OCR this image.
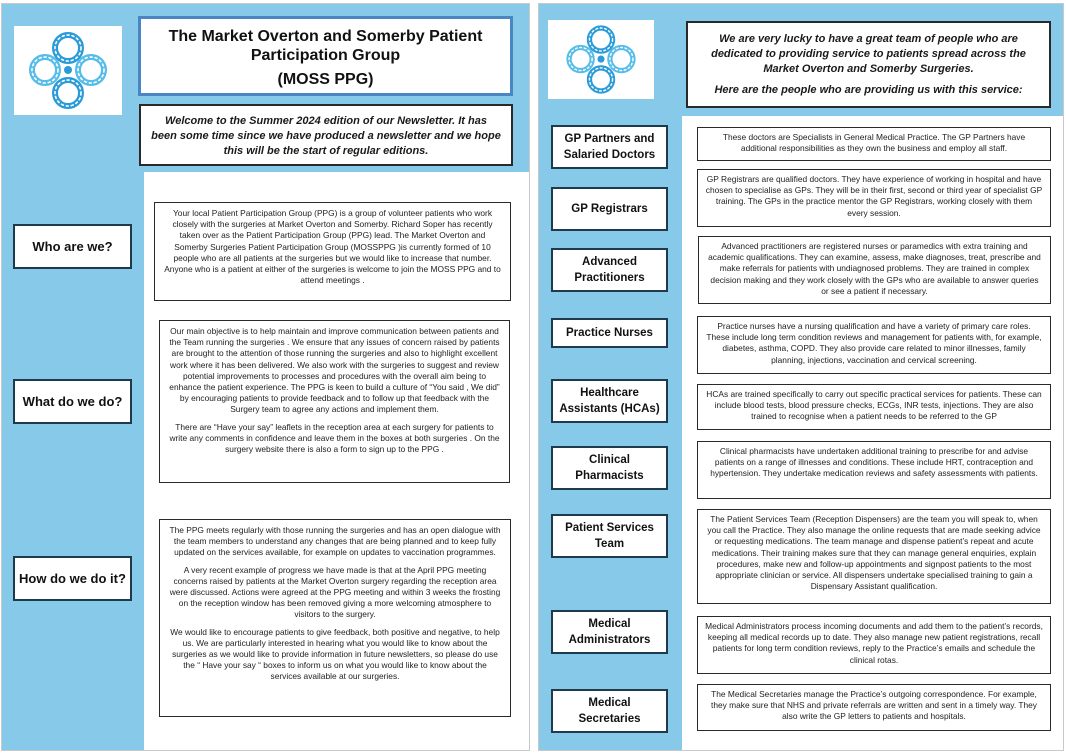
The Market Overton and Somerby Patient Participation Group
(MOSS PPG)
Welcome to the Summer 2024 edition of our Newsletter. It has been some time since we have produced a newsletter and we hope this will be the start of regular editions.
Who are we?
What do we do?
How do we do it?

Your local Patient Participation Group (PPG) is a group of volunteer patients who work closely with the surgeries at Market Overton and Somerby. Richard Soper has recently taken over as the Patient Participation Group (PPG) lead. The Market Overton and Somerby Surgeries Patient Participation Group (MOSSPPG )is currently formed of 10 people who are all patients at the surgeries but we would like to increase that number. Anyone who is a patient at either of the surgeries is welcome to join the MOSS PPG and to attend meetings .

Our main objective is to help maintain and improve communication between patients and the Team running the surgeries . We ensure that any issues of concern raised by patients are brought to the attention of those running the surgeries and also to highlight excellent work where it has been delivered. We also work with the surgeries to suggest and review potential improvements to processes and procedures with the overall aim being to enhance the patient experience. The PPG is keen to build a culture of “You said , We did” by encouraging patients to provide feedback and to follow up that feedback with the Surgery team to agree any actions and implement them.

There are “Have your say” leaflets in the reception area at each surgery for patients to write any comments in confidence and leave them in the boxes at both surgeries . On the surgery website there is also a form to sign up to the PPG .

The PPG meets regularly with those running the surgeries and has an open dialogue with the team members to understand any changes that are being planned and to keep fully updated on the services available, for example on updates to vaccination programmes.

A very recent example of progress we have made is that at the April PPG meeting concerns raised by patients at the Market Overton surgery regarding the reception area were discussed. Actions were agreed at the PPG meeting and within 3 weeks the frosting on the reception window has been removed giving a more welcoming atmosphere to visitors to the surgery.

We would like to encourage patients to give feedback, both positive and negative, to help us. We are particularly interested in hearing what you would like to know about the surgeries as we would like to provide information in future newsletters, so please do use the “ Have your say “ boxes to inform us on what you would like to know about the services available at our surgeries.

We are very lucky to have a great team of people who are dedicated to providing service to patients spread across the Market Overton and Somerby Surgeries.
Here are the people who are providing us with this service:
GP Partners and Salaried Doctors
GP Registrars
Advanced Practitioners
Practice Nurses
Healthcare Assistants (HCAs)
Clinical Pharmacists
Patient Services Team
Medical Administrators
Medical Secretaries

These doctors are Specialists in General Medical Practice. The GP Partners have additional responsibilities as they own the business and employ all staff.

GP Registrars are qualified doctors. They have experience of working in hospital and have chosen to specialise as GPs. They will be in their first, second or third year of specialist GP training. The GPs in the practice mentor the GP Registrars, working closely with them every session.

Advanced practitioners are registered nurses or paramedics with extra training and academic qualifications. They can examine, assess, make diagnoses, treat, prescribe and make referrals for patients with undiagnosed problems. They are trained in complex decision making and they work closely with the GPs who are available to answer queries or see a patient if necessary.

Practice nurses have a nursing qualification and have a variety of primary care roles. These include long term condition reviews and management for patients with, for example, diabetes, asthma, COPD. They also provide care related to minor illnesses, family planning, injections, vaccination and cervical screening.

HCAs are trained specifically to carry out specific practical services for patients. These can include blood tests, blood pressure checks, ECGs, INR tests, injections. They are also trained to recognise when a patient needs to be referred to the GP

Clinical pharmacists have undertaken additional training to prescribe for and advise patients on a range of illnesses and conditions. These include HRT, contraception and hypertension. They undertake medication reviews and safety assessments with patients.

The Patient Services Team (Reception Dispensers) are the team you will speak to, when you call the Practice. They also manage the online requests that are made seeking advice or requesting medications. The team manage and dispense patient’s repeat and acute medications. Their training makes sure that they can manage general enquiries, explain procedures, make new and follow-up appointments and signpost patients to the most appropriate clinician or service. All dispensers undertake specialised training to gain a Dispensary Assistant qualification.

Medical Administrators process incoming documents and add them to the patient’s records, keeping all medical records up to date. They also manage new patient registrations, recall patients for long term condition reviews, reply to the Practice’s emails and schedule the clinical rotas.

The Medical Secretaries manage the Practice’s outgoing correspondence. For example, they make sure that NHS and private referrals are written and sent in a timely way. They also write the GP letters to patients and hospitals.
